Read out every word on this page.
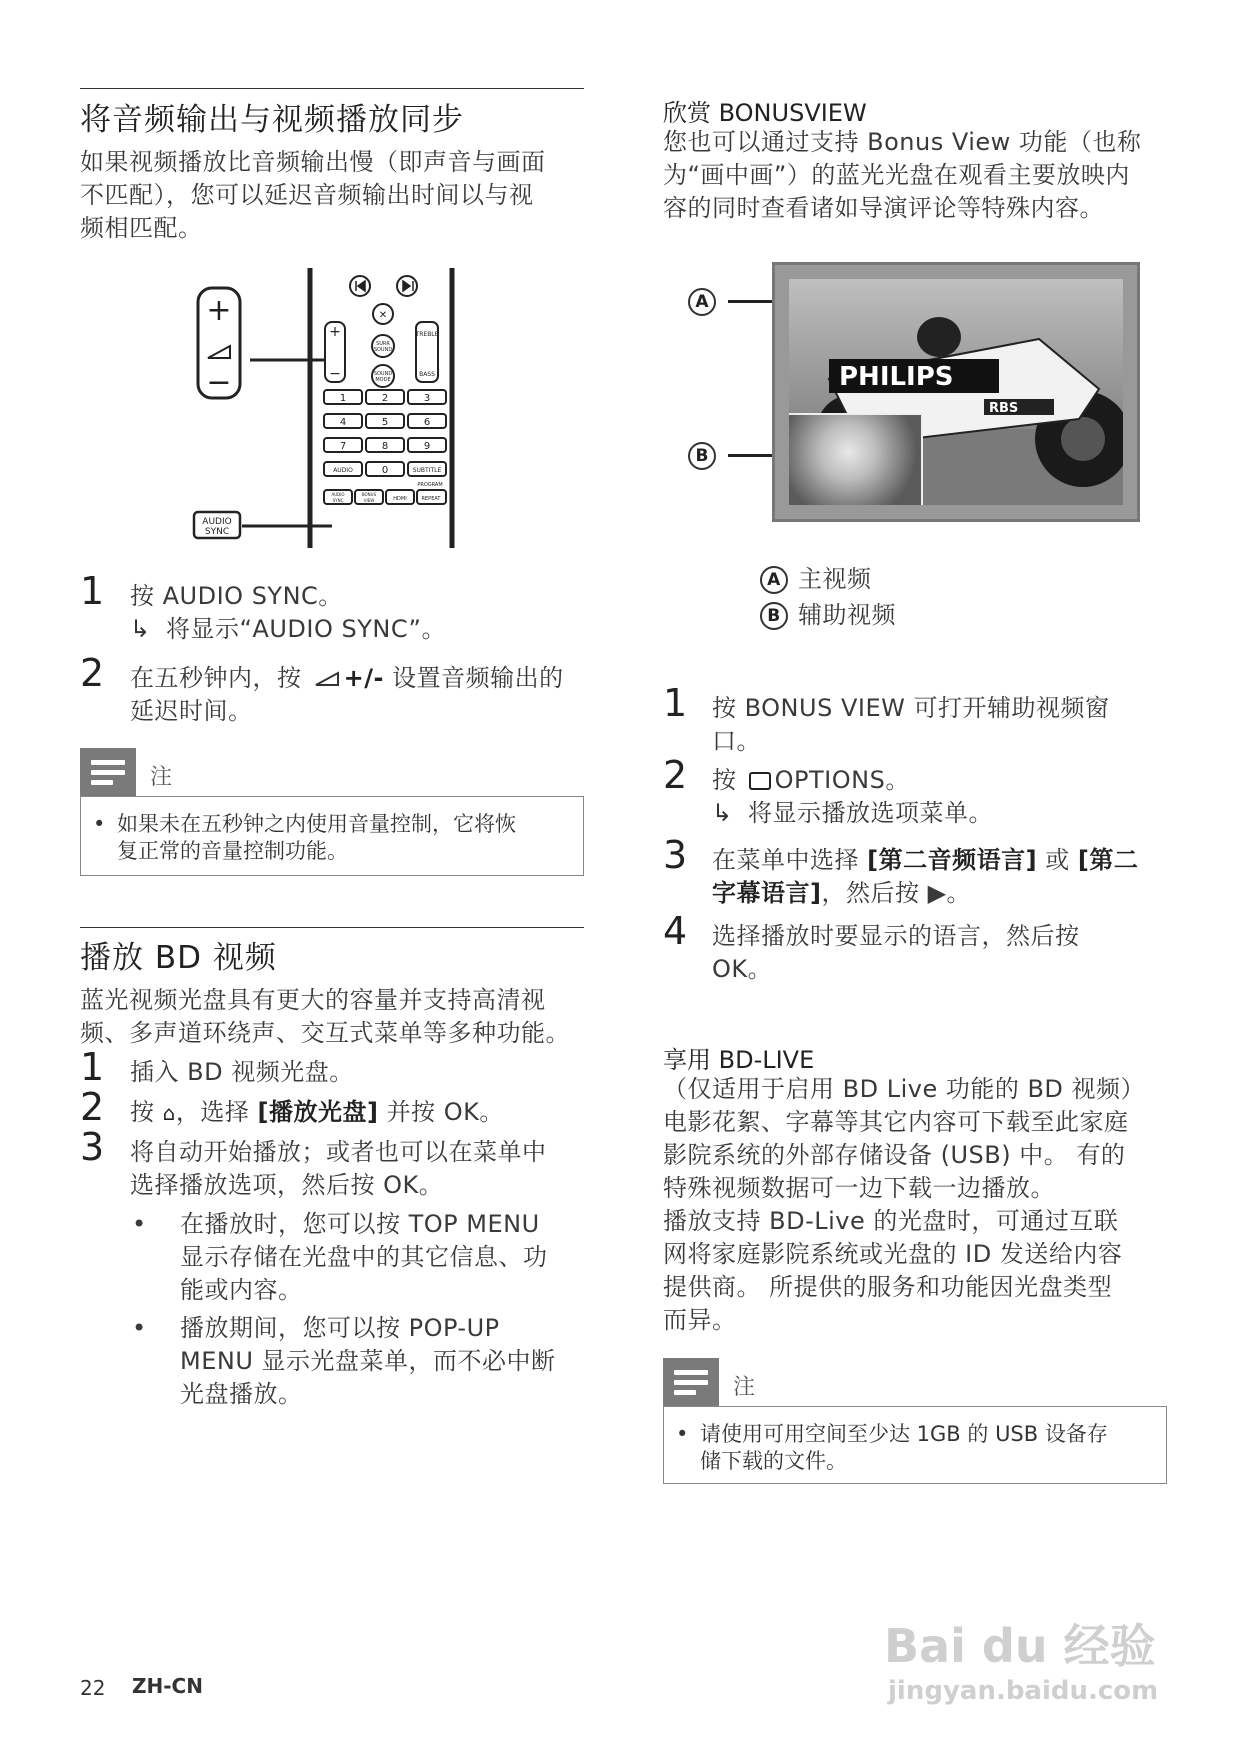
将音频输出与视频播放同步
如果视频播放比音频输出慢（即声音与画面
不匹配），您可以延迟音频输出时间以与视
频相匹配。
+
−
AUDIO
SYNC
✕
+
−
SURR
SOUND
SOUND
MODE
TREBLE
BASS
1	2	3
4	5	6
7	8	9
AUDIO	0	SUBTITLE
PROGRAM
AUDIO
SYNC
BONUS
VIEW	HDMI	REPEAT
1 按 AUDIO SYNC。
↳ 将显示“AUDIO SYNC”。
2 在五秒钟内，按 +/- 设置音频输出的
延迟时间。
注
• 如果未在五秒钟之内使用音量控制，它将恢
复正常的音量控制功能。
播放 BD 视频
蓝光视频光盘具有更大的容量并支持高清视
频、多声道环绕声、交互式菜单等多种功能。
1 插入 BD 视频光盘。
2 按 ⌂，选择 [播放光盘] 并按 OK。
3 将自动开始播放；或者也可以在菜单中
选择播放选项，然后按 OK。
• 在播放时，您可以按 TOP MENU
显示存储在光盘中的其它信息、功
能或内容。
• 播放期间，您可以按 POP-UP
MENU 显示光盘菜单，而不必中断
光盘播放。
欣赏 BONUSVIEW
您也可以通过支持 Bonus View 功能（也称
为“画中画”）的蓝光光盘在观看主要放映内
容的同时查看诸如导演评论等特殊内容。
A
B
PHILIPS
RBS
A 主视频
B 辅助视频
1 按 BONUS VIEW 可打开辅助视频窗
口。
2 按 OPTIONS。
↳ 将显示播放选项菜单。
3 在菜单中选择 [第二音频语言] 或 [第二
字幕语言]，然后按 ▶。
4 选择播放时要显示的语言，然后按
OK。
享用 BD-LIVE
（仅适用于启用 BD Live 功能的 BD 视频）
电影花絮、字幕等其它内容可下载至此家庭
影院系统的外部存储设备 (USB) 中。 有的
特殊视频数据可一边下载一边播放。
播放支持 BD-Live 的光盘时，可通过互联
网将家庭影院系统或光盘的 ID 发送给内容
提供商。 所提供的服务和功能因光盘类型
而异。
注
• 请使用可用空间至少达 1GB 的 USB 设备存
储下载的文件。
22 ZH-CN
Bai du 经验
jingyan.baidu.com
